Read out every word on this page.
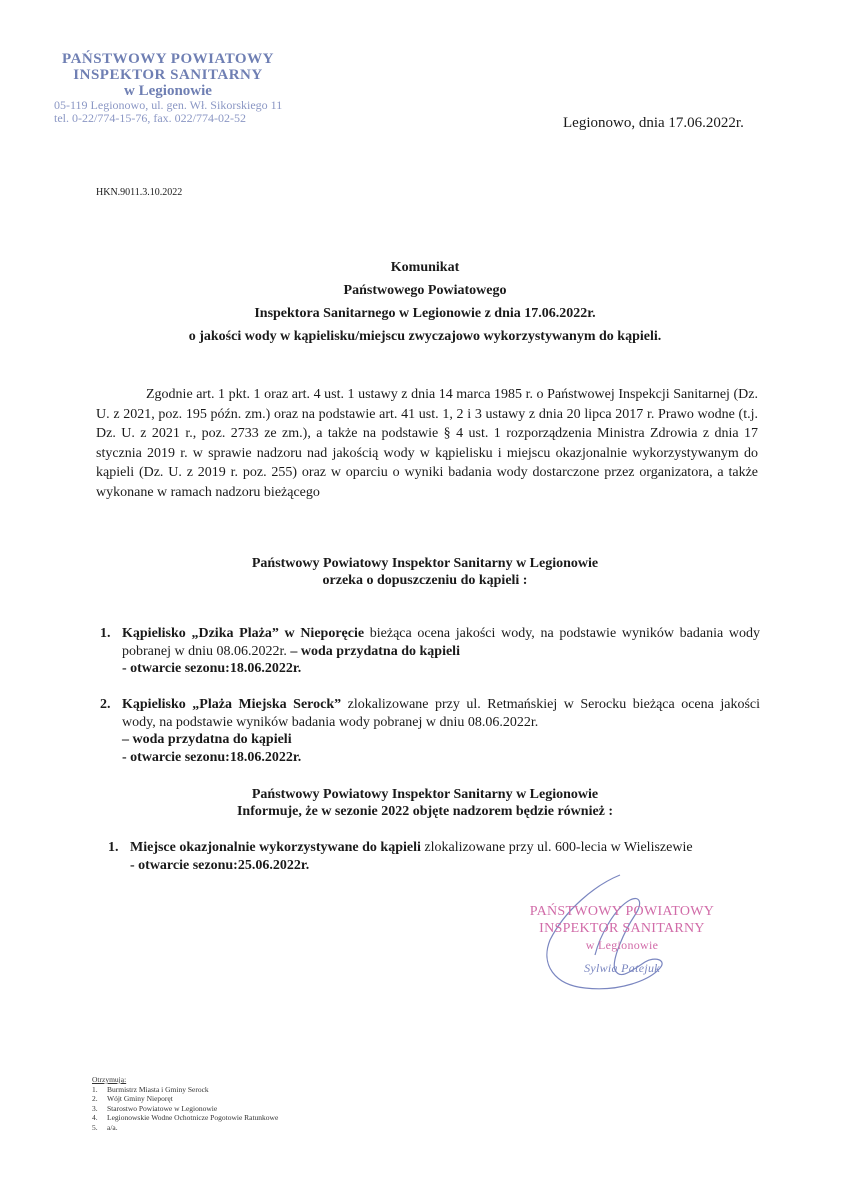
PAŃSTWOWY POWIATOWY
INSPEKTOR SANITARNY
w Legionowie
05-119 Legionowo, ul. gen. Wł. Sikorskiego 11
tel. 0-22/774-15-76, fax. 022/774-02-52	Legionowo, dnia 17.06.2022r.
HKN.9011.3.10.2022
Komunikat
Państwowego Powiatowego
Inspektora Sanitarnego w Legionowie z dnia 17.06.2022r.
o jakości wody w kąpielisku/miejscu zwyczajowo wykorzystywanym do kąpieli.
Zgodnie art. 1 pkt. 1 oraz art. 4 ust. 1 ustawy z dnia 14 marca 1985 r. o Państwowej Inspekcji Sanitarnej (Dz. U. z 2021, poz. 195 późn. zm.) oraz na podstawie art. 41 ust. 1, 2 i 3 ustawy z dnia 20 lipca 2017 r. Prawo wodne (t.j. Dz. U. z 2021 r., poz. 2733 ze zm.), a także na podstawie § 4 ust. 1 rozporządzenia Ministra Zdrowia z dnia 17 stycznia 2019 r. w sprawie nadzoru nad jakością wody w kąpielisku i miejscu okazjonalnie wykorzystywanym do kąpieli (Dz. U. z 2019 r. poz. 255) oraz w oparciu o wyniki badania wody dostarczone przez organizatora, a także wykonane w ramach nadzoru bieżącego
Państwowy Powiatowy Inspektor Sanitarny w Legionowie
orzeka o dopuszczeniu do kąpieli :
1. Kąpielisko „Dzika Plaża” w Nieporęcie bieżąca ocena jakości wody, na podstawie wyników badania wody pobranej w dniu 08.06.2022r. – woda przydatna do kąpieli
- otwarcie sezonu:18.06.2022r.
2. Kąpielisko „Plaża Miejska Serock” zlokalizowane przy ul. Retmańskiej w Serocku bieżąca ocena jakości wody, na podstawie wyników badania wody pobranej w dniu 08.06.2022r.
– woda przydatna do kąpieli
- otwarcie sezonu:18.06.2022r.
Państwowy Powiatowy Inspektor Sanitarny w Legionowie
Informuje, że w sezonie 2022 objęte nadzorem będzie również :
1. Miejsce okazjonalnie wykorzystywane do kąpieli zlokalizowane przy ul. 600-lecia w Wieliszewie
- otwarcie sezonu:25.06.2022r.
PAŃSTWOWY POWIATOWY
INSPEKTOR SANITARNY
w Legionowie
Sylwia Patejuk
Otrzymują:
1. Burmistrz Miasta i Gminy Serock
2. Wójt Gminy Nieporęt
3. Starostwo Powiatowe w Legionowie
4. Legionowskie Wodne Ochotnicze Pogotowie Ratunkowe
5. a/a.
